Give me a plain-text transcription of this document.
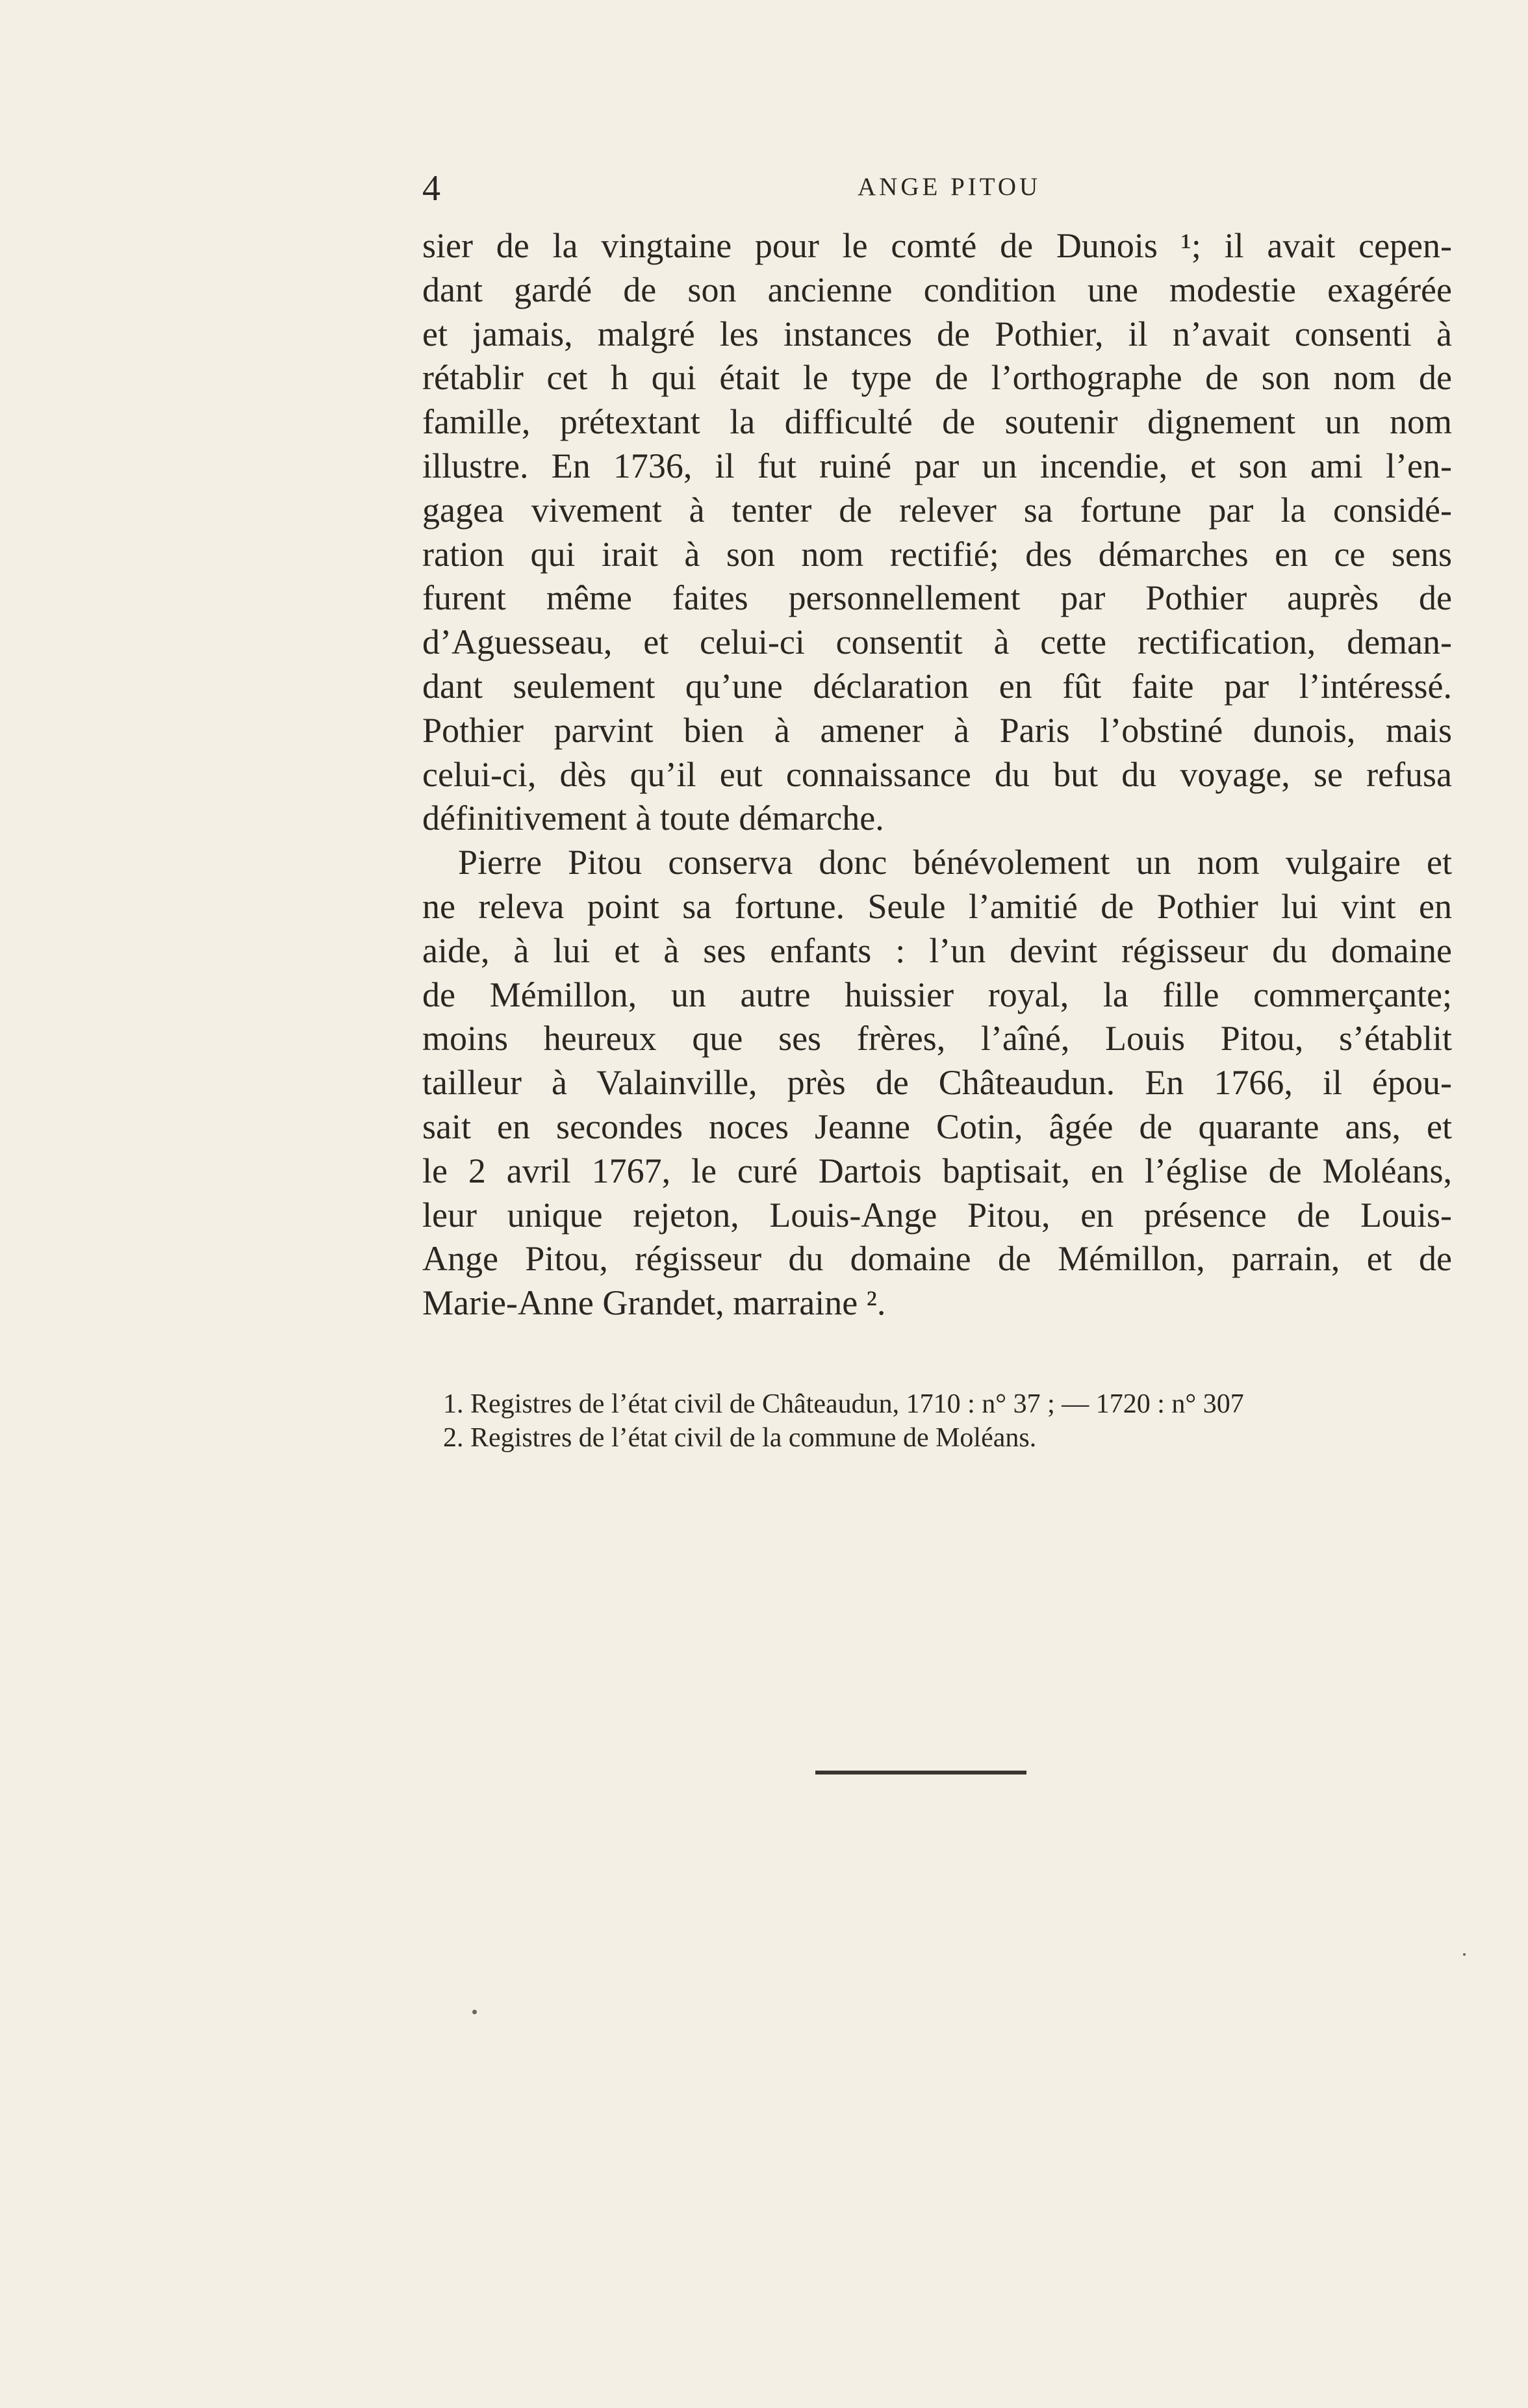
4	ANGE PITOU
sier de la vingtaine pour le comté de Dunois ¹; il avait cepen-
dant gardé de son ancienne condition une modestie exagérée
et jamais, malgré les instances de Pothier, il n’avait consenti à
rétablir cet h qui était le type de l’orthographe de son nom de
famille, prétextant la difficulté de soutenir dignement un nom
illustre. En 1736, il fut ruiné par un incendie, et son ami l’en-
gagea vivement à tenter de relever sa fortune par la considé-
ration qui irait à son nom rectifié; des démarches en ce sens
furent même faites personnellement par Pothier auprès de
d’Aguesseau, et celui-ci consentit à cette rectification, deman-
dant seulement qu’une déclaration en fût faite par l’intéressé.
Pothier parvint bien à amener à Paris l’obstiné dunois, mais
celui-ci, dès qu’il eut connaissance du but du voyage, se refusa
définitivement à toute démarche.
Pierre Pitou conserva donc bénévolement un nom vulgaire et
ne releva point sa fortune. Seule l’amitié de Pothier lui vint en
aide, à lui et à ses enfants : l’un devint régisseur du domaine
de Mémillon, un autre huissier royal, la fille commerçante;
moins heureux que ses frères, l’aîné, Louis Pitou, s’établit
tailleur à Valainville, près de Châteaudun. En 1766, il épou-
sait en secondes noces Jeanne Cotin, âgée de quarante ans, et
le 2 avril 1767, le curé Dartois baptisait, en l’église de Moléans,
leur unique rejeton, Louis-Ange Pitou, en présence de Louis-
Ange Pitou, régisseur du domaine de Mémillon, parrain, et de
Marie-Anne Grandet, marraine ².
1. Registres de l’état civil de Châteaudun, 1710 : n° 37 ; — 1720 : n° 307
2. Registres de l’état civil de la commune de Moléans.
